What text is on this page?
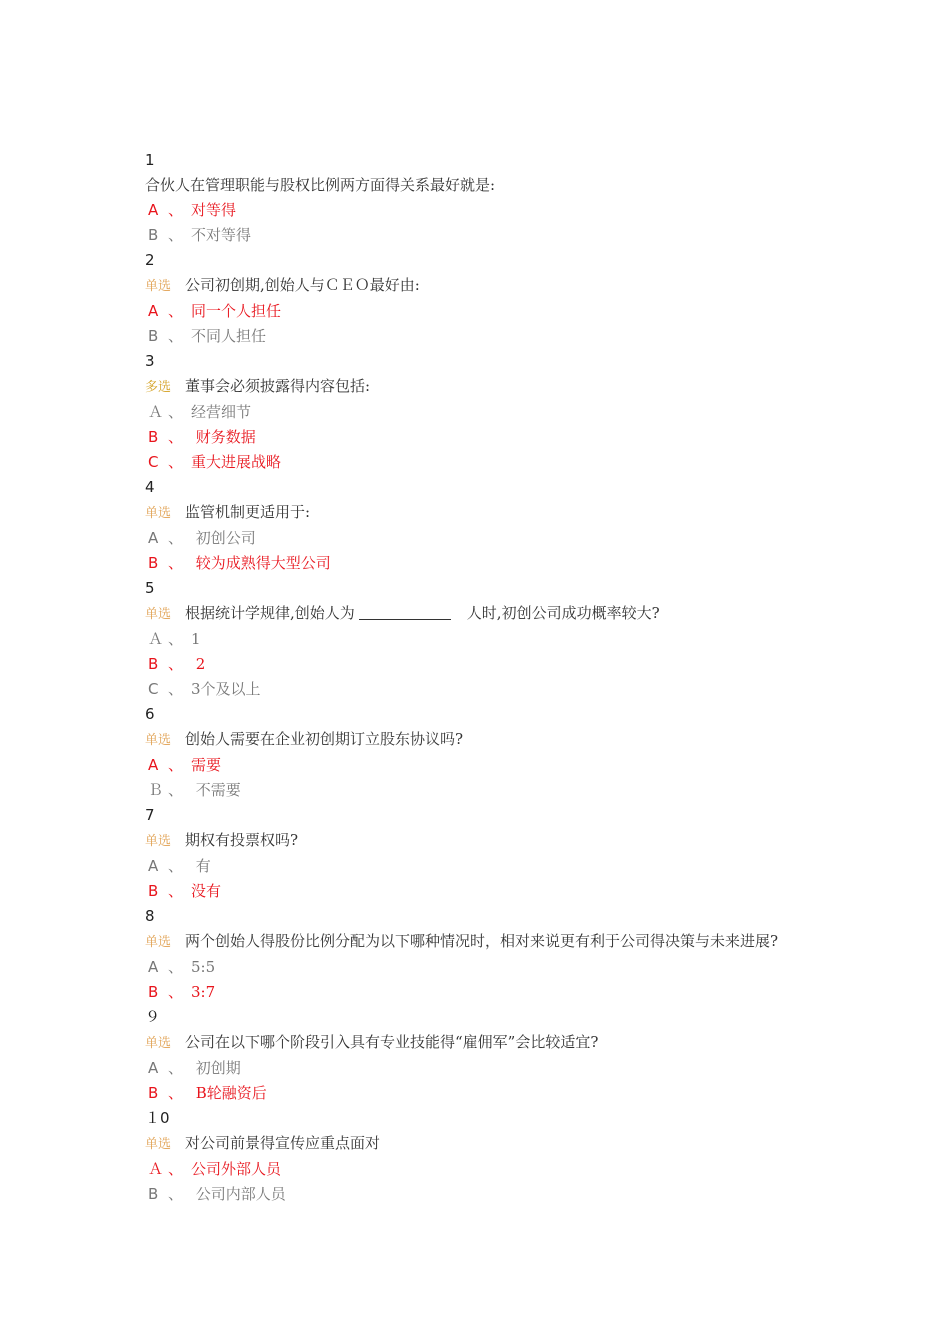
1
合伙人在管理职能与股权比例两方面得关系最好就是:
A 、 对等得
B 、 不对等得
2
单选 公司初创期,创始人与ＣＥＯ最好由:
A 、 同一个人担任
B 、 不同人担任
3
多选 董事会必须披露得内容包括:
Ａ 、 经营细节
B 、 财务数据
C 、 重大进展战略
4
单选 监管机制更适用于:
A 、 初创公司
B 、 较为成熟得大型公司
5
单选 根据统计学规律,创始人为	人时,初创公司成功概率较大?
Ａ 、 1
B 、 2
C 、 3个及以上
6
单选 创始人需要在企业初创期订立股东协议吗?
A 、 需要
Ｂ 、 不需要
7
单选 期权有投票权吗?
A 、 有
B 、 没有
8
单选 两个创始人得股份比例分配为以下哪种情况时，相对来说更有利于公司得决策与未来进展?
A 、 5:5
B 、 3:7
９
单选 公司在以下哪个阶段引入具有专业技能得“雇佣军”会比较适宜?
A 、 初创期
B 、 B轮融资后
１0
单选 对公司前景得宣传应重点面对
Ａ 、 公司外部人员
B 、 公司内部人员
